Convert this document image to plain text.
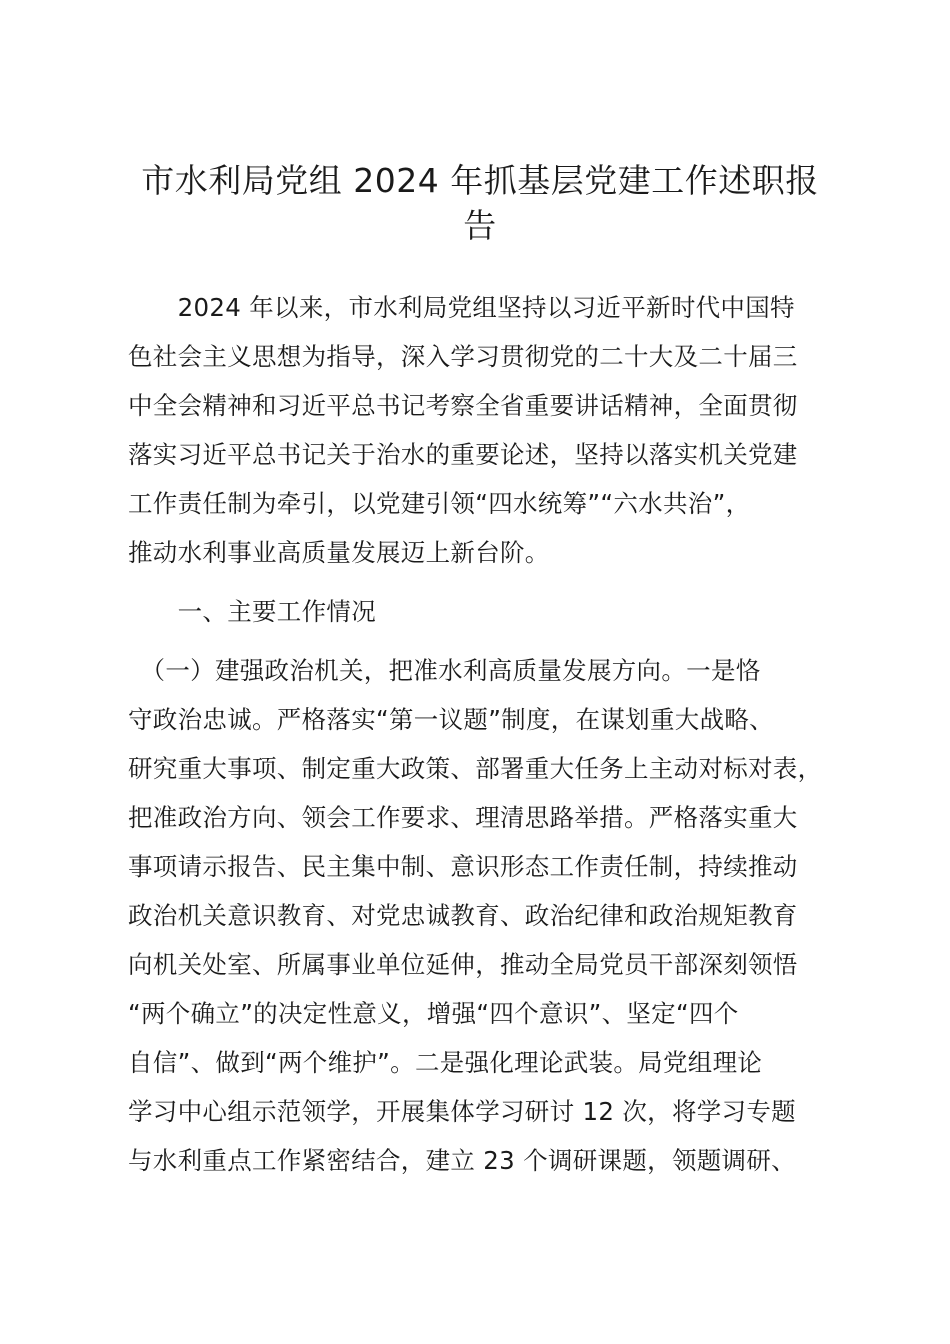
市水利局党组 2024 年抓基层党建工作述职报
告
　　2024 年以来，市水利局党组坚持以习近平新时代中国特
色社会主义思想为指导，深入学习贯彻党的二十大及二十届三
中全会精神和习近平总书记考察全省重要讲话精神，全面贯彻
落实习近平总书记关于治水的重要论述，坚持以落实机关党建
工作责任制为牵引，以党建引领“四水统筹”“六水共治”，
推动水利事业高质量发展迈上新台阶。
　　一、主要工作情况
　（一）建强政治机关，把准水利高质量发展方向。一是恪
守政治忠诚。严格落实“第一议题”制度，在谋划重大战略、
研究重大事项、制定重大政策、部署重大任务上主动对标对表，
把准政治方向、领会工作要求、理清思路举措。严格落实重大
事项请示报告、民主集中制、意识形态工作责任制，持续推动
政治机关意识教育、对党忠诚教育、政治纪律和政治规矩教育
向机关处室、所属事业单位延伸，推动全局党员干部深刻领悟
“两个确立”的决定性意义，增强“四个意识”、坚定“四个
自信”、做到“两个维护”。二是强化理论武装。局党组理论
学习中心组示范领学，开展集体学习研讨 12 次，将学习专题
与水利重点工作紧密结合，建立 23 个调研课题，领题调研、
